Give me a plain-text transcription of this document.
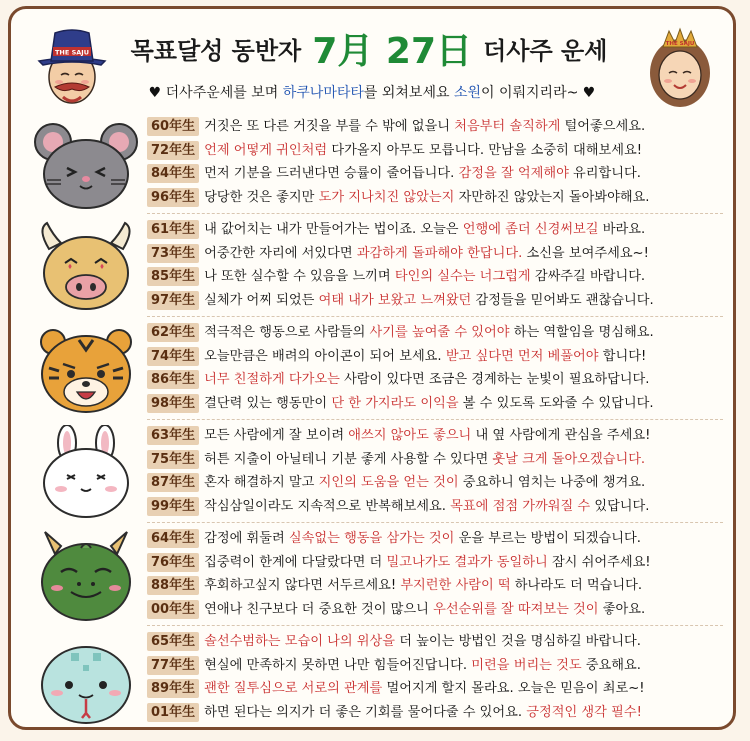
THE SAJU 목표달성 동반자 7月 27日 더사주 운세	THE SAJU
♥ 더사주운세를 보며 하쿠나마타타를 외쳐보세요 소원이 이뤄지리라~ ♥
60年生 거짓은 또 다른 거짓을 부를 수 밖에 없을니 처음부터 솔직하게 털어좋으세요.
72年生 언제 어떻게 귀인처럼 다가올지 아무도 모릅니다. 만남을 소중히 대해보세요!
84年生 먼저 기분을 드러낸다면 승률이 줄어듭니다. 감정을 잘 억제해야 유리합니다.
96年生 당당한 것은 좋지만 도가 지나치진 않았는지 자만하진 않았는지 돌아봐야해요.
61年生 내 값어치는 내가 만들어가는 법이죠. 오늘은 언행에 좀더 신경써보길 바라요.
73年生 어중간한 자리에 서있다면 과감하게 돌파해야 한답니다. 소신을 보여주세요~!
85年生 나 또한 실수할 수 있음을 느끼며 타인의 실수는 너그럽게 감싸주길 바랍니다.
97年生 실체가 어찌 되었든 여태 내가 보왔고 느껴왔던 감정들을 믿어봐도 괜찮습니다.
62年生 적극적은 행동으로 사람들의 사기를 높여줄 수 있어야 하는 역할임을 명심해요.
74年生 오늘만큼은 배려의 아이콘이 되어 보세요. 받고 싶다면 먼저 베풀어야 합니다!
86年生 너무 친절하게 다가오는 사람이 있다면 조금은 경계하는 눈빛이 필요하답니다.
98年生 결단력 있는 행동만이 단 한 가지라도 이익을 볼 수 있도록 도와줄 수 있답니다.
63年生 모든 사람에게 잘 보이려 애쓰지 않아도 좋으니 내 옆 사람에게 관심을 주세요!
75年生 허튼 지출이 아닐테니 기분 좋게 사용할 수 있다면 훗날 크게 돌아오겠습니다.
87年生 혼자 해결하지 말고 지인의 도움을 얻는 것이 중요하니 염치는 나중에 챙겨요.
99年生 작심삼일이라도 지속적으로 반복해보세요. 목표에 점점 가까워질 수 있답니다.
64年生 감정에 휘둘려 실속없는 행동을 삼가는 것이 운을 부르는 방법이 되겠습니다.
76年生 집중력이 한계에 다달랐다면 더 밀고나가도 결과가 동일하니 잠시 쉬어주세요!
88年生 후회하고싶지 않다면 서두르세요! 부지런한 사람이 떡 하나라도 더 먹습니다.
00年生 연애나 친구보다 더 중요한 것이 많으니 우선순위를 잘 따져보는 것이 좋아요.
65年生 솔선수범하는 모습이 나의 위상을 더 높이는 방법인 것을 명심하길 바랍니다.
77年生 현실에 만족하지 못하면 나만 힘들어진답니다. 미련을 버리는 것도 중요해요.
89年生 괜한 질투심으로 서로의 관계를 멀어지게 할지 몰라요. 오늘은 믿음이 최로~!
01年生 하면 된다는 의지가 더 좋은 기회를 물어다줄 수 있어요. 긍정적인 생각 필수!
